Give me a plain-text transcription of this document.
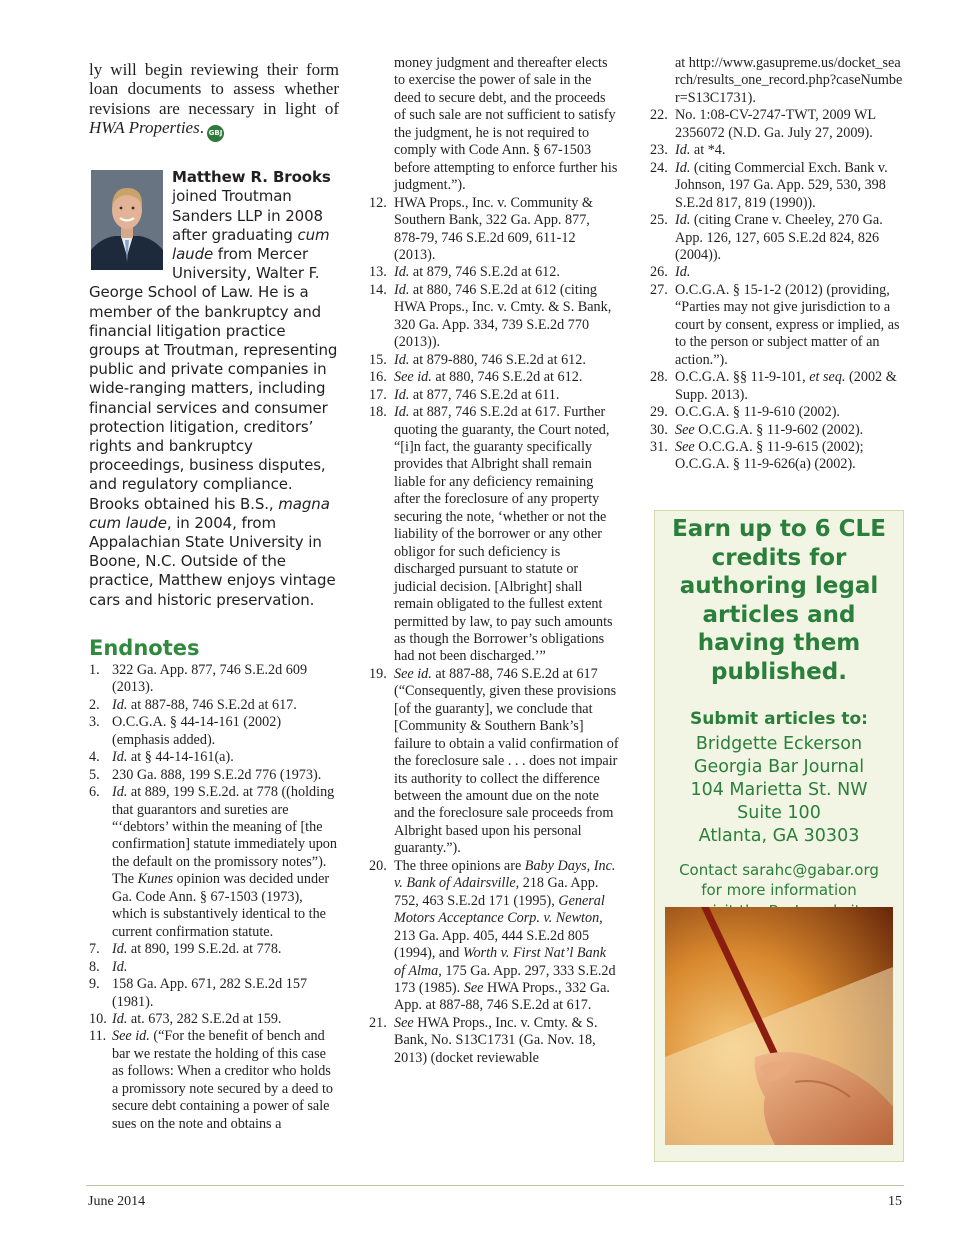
ly will begin reviewing their form loan documents to assess whether revisions are necessary in light of HWA Properties. GBJ

Matthew R. Brooks joined Troutman Sanders LLP in 2008 after graduating cum laude from Mercer University, Walter F. George School of Law. He is a member of the bankruptcy and financial litigation practice groups at Troutman, representing public and private companies in wide-ranging matters, including financial services and consumer protection litigation, creditors’ rights and bankruptcy proceedings, business disputes, and regulatory compliance. Brooks obtained his B.S., magna cum laude, in 2004, from Appalachian State University in Boone, N.C. Outside of the practice, Matthew enjoys vintage cars and historic preservation.

Endnotes
1. 322 Ga. App. 877, 746 S.E.2d 609 (2013).
2. Id. at 887-88, 746 S.E.2d at 617.
3. O.C.G.A. § 44-14-161 (2002) (emphasis added).
4. Id. at § 44-14-161(a).
5. 230 Ga. 888, 199 S.E.2d 776 (1973).
6. Id. at 889, 199 S.E.2d. at 778 ((holding that guarantors and sureties are “‘debtors’ within the meaning of [the confirmation] statute immediately upon the default on the promissory notes”). The Kunes opinion was decided under Ga. Code Ann. § 67-1503 (1973), which is substantively identical to the current confirmation statute.
7. Id. at 890, 199 S.E.2d. at 778.
8. Id.
9. 158 Ga. App. 671, 282 S.E.2d 157 (1981).
10. Id. at. 673, 282 S.E.2d at 159.
11. See id. (“For the benefit of bench and bar we restate the holding of this case as follows: When a creditor who holds a promissory note secured by a deed to secure debt containing a power of sale sues on the note and obtains a

money judgment and thereafter elects to exercise the power of sale in the deed to secure debt, and the proceeds of such sale are not sufficient to satisfy the judgment, he is not required to comply with Code Ann. § 67-1503 before attempting to enforce further his judgment.”).

12. HWA Props., Inc. v. Community & Southern Bank, 322 Ga. App. 877, 878-79, 746 S.E.2d 609, 611-12 (2013).
13. Id. at 879, 746 S.E.2d at 612.
14. Id. at 880, 746 S.E.2d at 612 (citing HWA Props., Inc. v. Cmty. & S. Bank, 320 Ga. App. 334, 739 S.E.2d 770 (2013)).
15. Id. at 879-880, 746 S.E.2d at 612.
16. See id. at 880, 746 S.E.2d at 612.
17. Id. at 877, 746 S.E.2d at 611.
18. Id. at 887, 746 S.E.2d at 617. Further quoting the guaranty, the Court noted, “[i]n fact, the guaranty specifically provides that Albright shall remain liable for any deficiency remaining after the foreclosure of any property securing the note, ‘whether or not the liability of the borrower or any other obligor for such deficiency is discharged pursuant to statute or judicial decision. [Albright] shall remain obligated to the fullest extent permitted by law, to pay such amounts as though the Borrower’s obligations had not been discharged.’”
19. See id. at 887-88, 746 S.E.2d at 617 (“Consequently, given these provisions [of the guaranty], we conclude that [Community & Southern Bank’s] failure to obtain a valid confirmation of the foreclosure sale . . . does not impair its authority to collect the difference between the amount due on the note and the foreclosure sale proceeds from Albright based upon his personal guaranty.”).
20. The three opinions are Baby Days, Inc. v. Bank of Adairsville, 218 Ga. App. 752, 463 S.E.2d 171 (1995), General Motors Acceptance Corp. v. Newton, 213 Ga. App. 405, 444 S.E.2d 805 (1994), and Worth v. First Nat’l Bank of Alma, 175 Ga. App. 297, 333 S.E.2d 173 (1985). See HWA Props., 332 Ga. App. at 887-88, 746 S.E.2d at 617.
21. See HWA Props., Inc. v. Cmty. & S. Bank, No. S13C1731 (Ga. Nov. 18, 2013) (docket reviewable

at http://www.gasupreme.us/docket_search/results_one_record.php?caseNumber=S13C1731).

22. No. 1:08-CV-2747-TWT, 2009 WL 2356072 (N.D. Ga. July 27, 2009).
23. Id. at *4.
24. Id. (citing Commercial Exch. Bank v. Johnson, 197 Ga. App. 529, 530, 398 S.E.2d 817, 819 (1990)).
25. Id. (citing Crane v. Cheeley, 270 Ga. App. 126, 127, 605 S.E.2d 824, 826 (2004)).
26. Id.
27. O.C.G.A. § 15-1-2 (2012) (providing, “Parties may not give jurisdiction to a court by consent, express or implied, as to the person or subject matter of an action.”).
28. O.C.G.A. §§ 11-9-101, et seq. (2002 & Supp. 2013).
29. O.C.G.A. § 11-9-610 (2002).
30. See O.C.G.A. § 11-9-602 (2002).
31. See O.C.G.A. § 11-9-615 (2002); O.C.G.A. § 11-9-626(a) (2002).
Earn up to 6 CLE credits for authoring legal articles and having them published.
Submit articles to:
Bridgette Eckerson
Georgia Bar Journal
104 Marietta St. NW
Suite 100
Atlanta, GA 30303
Contact sarahc@gabar.org
for more information
June 2014	15
